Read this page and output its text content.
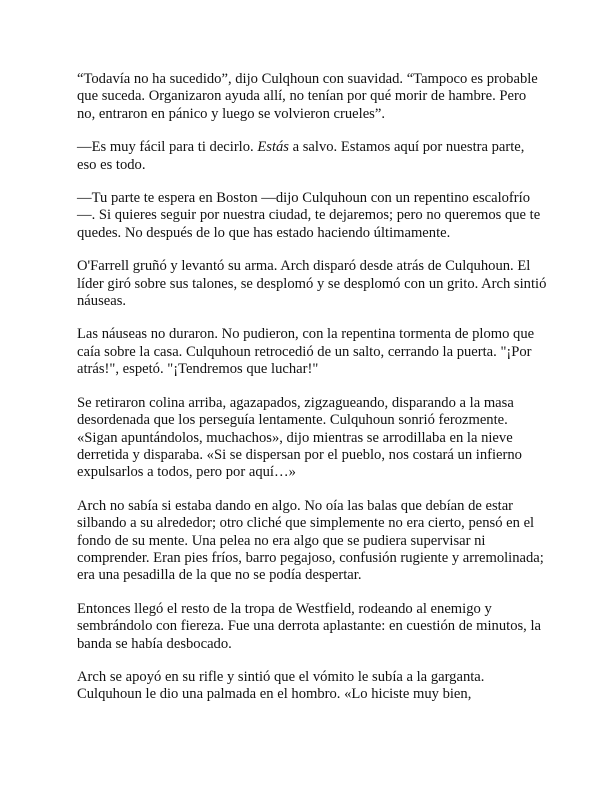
“Todavía no ha sucedido”, dijo Culqhoun con suavidad. “Tampoco es probable que suceda. Organizaron ayuda allí, no tenían por qué morir de hambre. Pero no, entraron en pánico y luego se volvieron crueles”.

—Es muy fácil para ti decirlo. Estás a salvo. Estamos aquí por nuestra parte, eso es todo.

—Tu parte te espera en Boston —dijo Culquhoun con un repentino escalofrío—. Si quieres seguir por nuestra ciudad, te dejaremos; pero no queremos que te quedes. No después de lo que has estado haciendo últimamente.

O'Farrell gruñó y levantó su arma. Arch disparó desde atrás de Culquhoun. El líder giró sobre sus talones, se desplomó y se desplomó con un grito. Arch sintió náuseas.

Las náuseas no duraron. No pudieron, con la repentina tormenta de plomo que caía sobre la casa. Culquhoun retrocedió de un salto, cerrando la puerta. "¡Por atrás!", espetó. "¡Tendremos que luchar!"

Se retiraron colina arriba, agazapados, zigzagueando, disparando a la masa desordenada que los perseguía lentamente. Culquhoun sonrió ferozmente. «Sigan apuntándolos, muchachos», dijo mientras se arrodillaba en la nieve derretida y disparaba. «Si se dispersan por el pueblo, nos costará un infierno expulsarlos a todos, pero por aquí…»

Arch no sabía si estaba dando en algo. No oía las balas que debían de estar silbando a su alrededor; otro cliché que simplemente no era cierto, pensó en el fondo de su mente. Una pelea no era algo que se pudiera supervisar ni comprender. Eran pies fríos, barro pegajoso, confusión rugiente y arremolinada; era una pesadilla de la que no se podía despertar.

Entonces llegó el resto de la tropa de Westfield, rodeando al enemigo y sembrándolo con fiereza. Fue una derrota aplastante: en cuestión de minutos, la banda se había desbocado.

Arch se apoyó en su rifle y sintió que el vómito le subía a la garganta. Culquhoun le dio una palmada en el hombro. «Lo hiciste muy bien,
